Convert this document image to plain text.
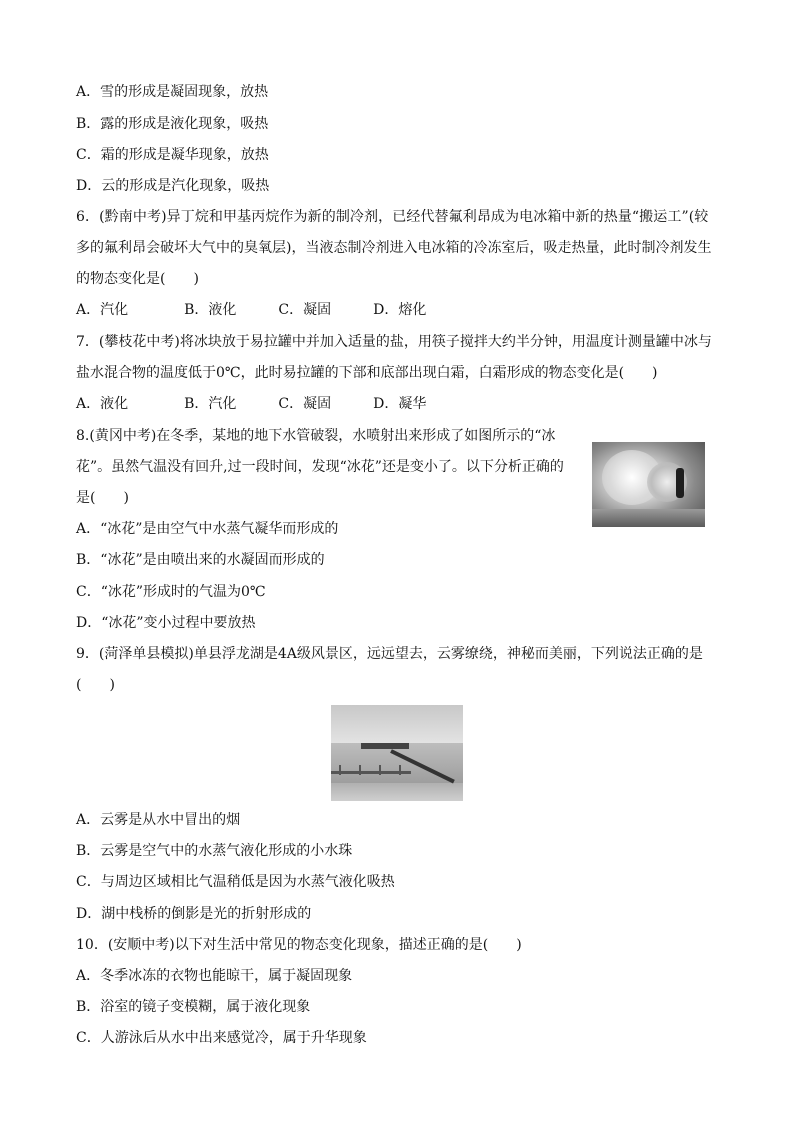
A．雪的形成是凝固现象，放热
B．露的形成是液化现象，吸热
C．霜的形成是凝华现象，放热
D．云的形成是汽化现象，吸热
6．(黔南中考)异丁烷和甲基丙烷作为新的制冷剂，已经代替氟利昂成为电冰箱中新的热量“搬运工”(较
多的氟利昂会破坏大气中的臭氧层)，当液态制冷剂进入电冰箱的冷冻室后，吸走热量，此时制冷剂发生
的物态变化是(　　)
A．汽化　　　　B．液化　　　C．凝固　　　D．熔化
7．(攀枝花中考)将冰块放于易拉罐中并加入适量的盐，用筷子搅拌大约半分钟，用温度计测量罐中冰与
盐水混合物的温度低于0℃，此时易拉罐的下部和底部出现白霜，白霜形成的物态变化是(　　)
A．液化　　　　B．汽化　　　C．凝固　　　D．凝华
8.(黄冈中考)在冬季，某地的地下水管破裂，水喷射出来形成了如图所示的“冰
花”。虽然气温没有回升,过一段时间，发现“冰花”还是变小了。以下分析正确的
是(　　)
A．“冰花”是由空气中水蒸气凝华而形成的
B．“冰花”是由喷出来的水凝固而形成的
C．“冰花”形成时的气温为0℃
D．“冰花”变小过程中要放热
9．(菏泽单县模拟)单县浮龙湖是4A级风景区，远远望去，云雾缭绕，神秘而美丽，下列说法正确的是
(　　)
A．云雾是从水中冒出的烟
B．云雾是空气中的水蒸气液化形成的小水珠
C．与周边区域相比气温稍低是因为水蒸气液化吸热
D．湖中栈桥的倒影是光的折射形成的
10．(安顺中考)以下对生活中常见的物态变化现象，描述正确的是(　　)
A．冬季冰冻的衣物也能晾干，属于凝固现象
B．浴室的镜子变模糊，属于液化现象
C．人游泳后从水中出来感觉冷，属于升华现象
